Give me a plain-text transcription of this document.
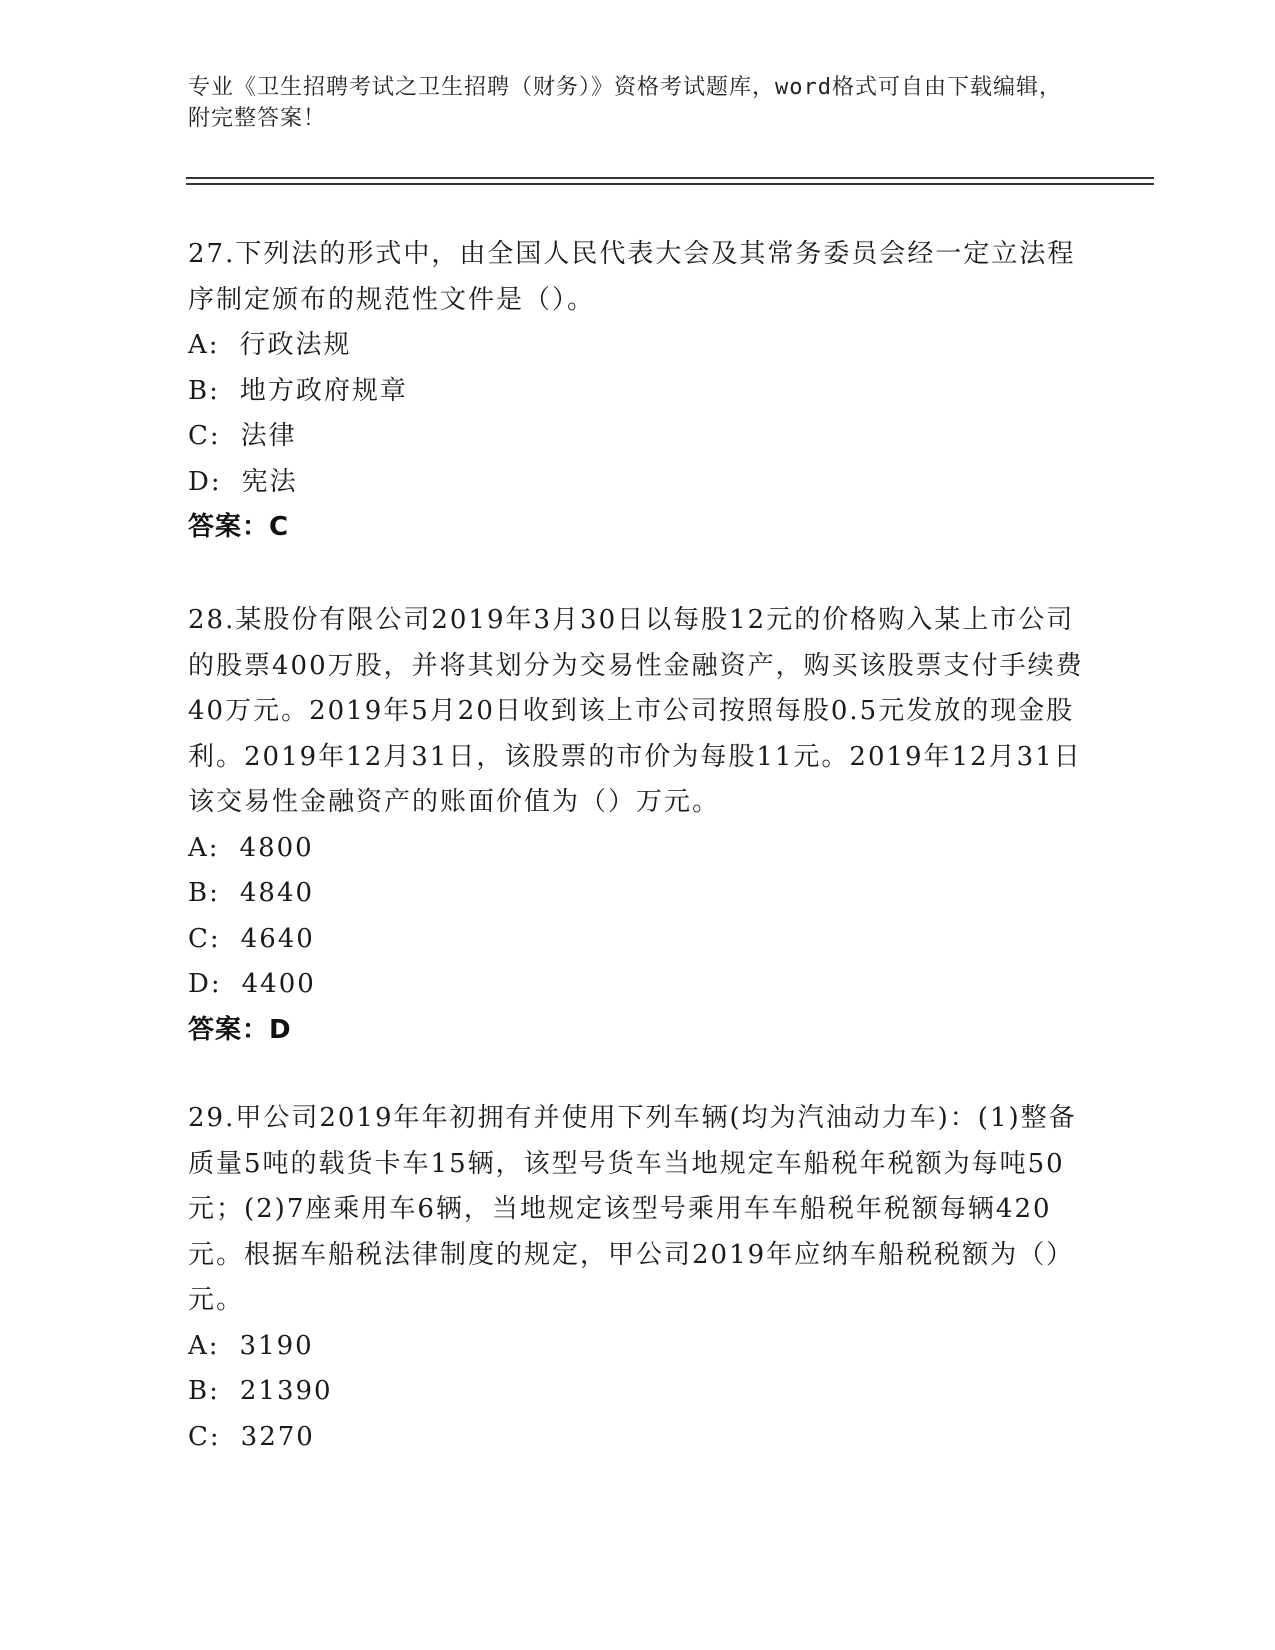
专业《卫生招聘考试之卫生招聘（财务）》资格考试题库，word格式可自由下载编辑，附完整答案！

27.下列法的形式中，由全国人民代表大会及其常务委员会经一定立法程序制定颁布的规范性文件是（）。

A: 行政法规

B: 地方政府规章

C: 法律

D: 宪法

答案：C

28.某股份有限公司2019年3月30日以每股12元的价格购入某上市公司的股票400万股，并将其划分为交易性金融资产，购买该股票支付手续费40万元。2019年5月20日收到该上市公司按照每股0.5元发放的现金股利。2019年12月31日，该股票的市价为每股11元。2019年12月31日该交易性金融资产的账面价值为（）万元。

A: 4800

B: 4840

C: 4640

D: 4400

答案：D

29.甲公司2019年年初拥有并使用下列车辆(均为汽油动力车)：(1)整备质量5吨的载货卡车15辆，该型号货车当地规定车船税年税额为每吨50元；(2)7座乘用车6辆，当地规定该型号乘用车车船税年税额每辆420元。根据车船税法律制度的规定，甲公司2019年应纳车船税税额为（）元。

A: 3190

B: 21390

C: 3270
